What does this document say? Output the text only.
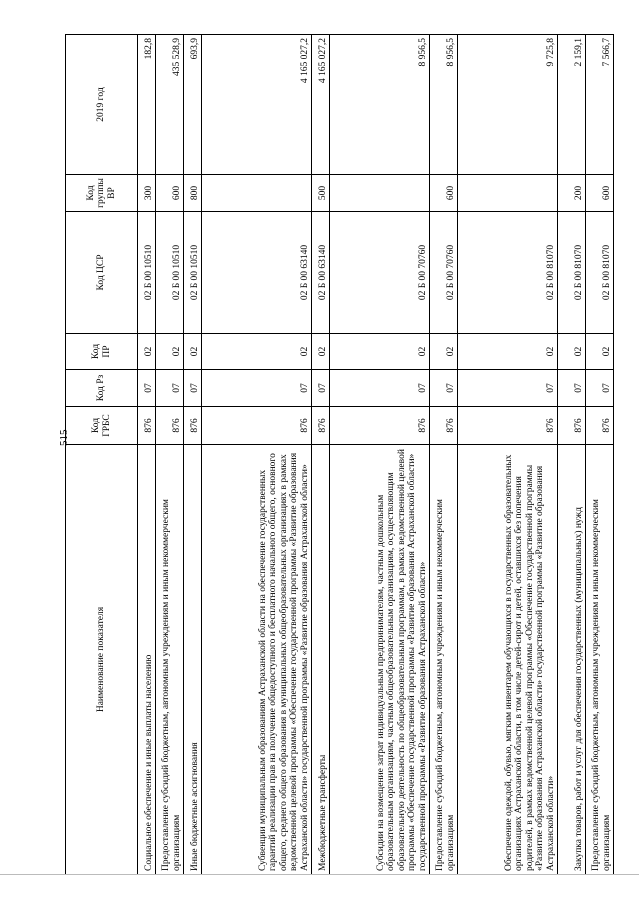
515
Наименование показателя	Код ГРБС	Код Рз	Код ПР	Код ЦСР	Код группы ВР	2019 год
Социальное обеспечение и иные выплаты населению	876	07	02	02 Б 00 10510	300	182,8
Предоставление субсидий бюджетным, автономным учреждениям и иным некоммерческим организациям	876	07	02	02 Б 00 10510	600	435 528,9
Иные бюджетные ассигнования	876	07	02	02 Б 00 10510	800	693,9
Субвенции муниципальным образованиям Астраханской области на обеспечение государственных гарантий реализации прав на получение общедоступного и бесплатного начального общего, основного общего, среднего общего образования в муниципальных общеобразовательных организациях в рамках ведомственной целевой программы «Обеспечение государственной программы «Развитие образования Астраханской области» государственной программы «Развитие образования Астраханской области»	876	07	02	02 Б 00 63140		4 165 027,2
Межбюджетные трансферты	876	07	02	02 Б 00 63140	500	4 165 027,2
Субсидии на возмещение затрат индивидуальным предпринимателям, частным дошкольным образовательным организациям, частным общеобразовательным организациям, осуществляющим образовательную деятельность по общеобразовательным программам, в рамках ведомственной целевой программы «Обеспечение государственной программы «Развитие образования Астраханской области» государственной программы «Развитие образования Астраханской области»	876	07	02	02 Б 00 70760		8 956,5
Предоставление субсидий бюджетным, автономным учреждениям и иным некоммерческим организациям	876	07	02	02 Б 00 70760	600	8 956,5
Обеспечение одеждой, обувью, мягким инвентарем обучающихся в государственных образовательных организациях Астраханской области, в том числе детей-сирот и детей, оставшихся без попечения родителей, в рамках ведомственной целевой программы «Обеспечение государственной программы «Развитие образования Астраханской области» государственной программы «Развитие образования Астраханской области»	876	07	02	02 Б 00 81070		9 725,8
Закупка товаров, работ и услуг для обеспечения государственных (муниципальных) нужд	876	07	02	02 Б 00 81070	200	2 159,1
Предоставление субсидий бюджетным, автономным учреждениям и иным некоммерческим организациям	876	07	02	02 Б 00 81070	600	7 566,7
